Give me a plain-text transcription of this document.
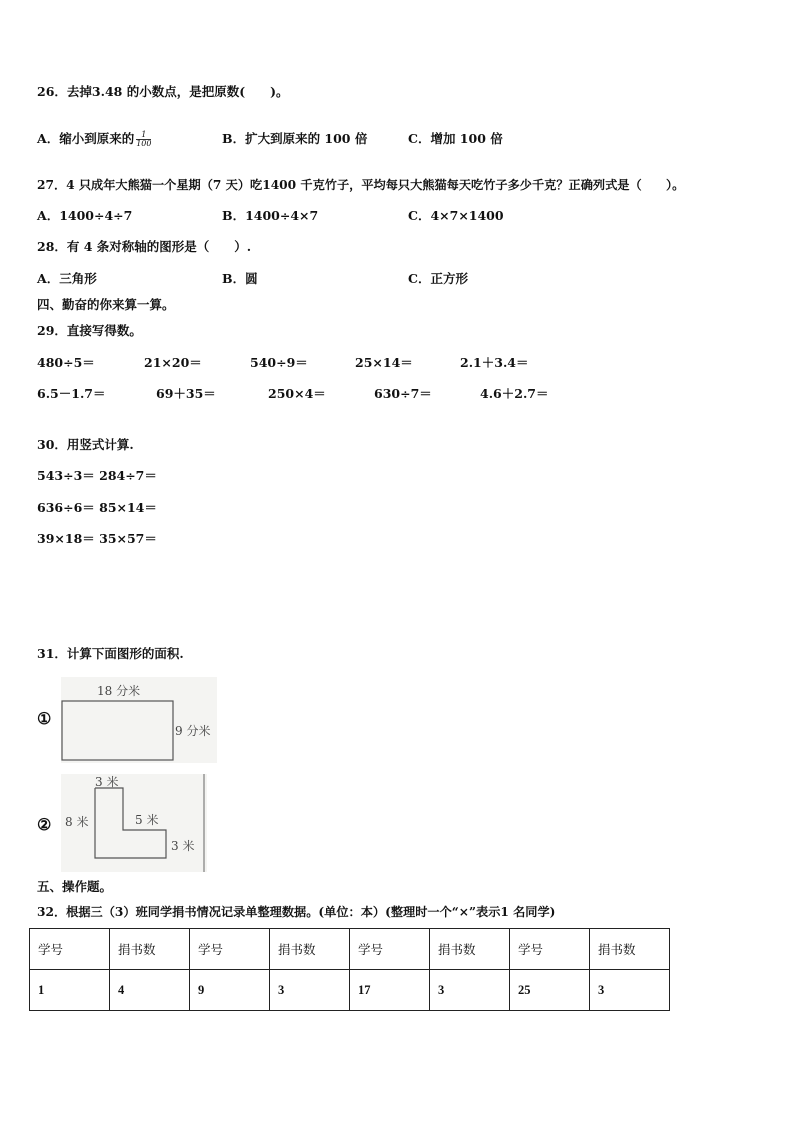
26．去掉3.48 的小数点，是把原数(　　)。
A．缩小到原来的 $\frac{1}{100}$	B．扩大到原来的 100 倍	C．增加 100 倍
27．4 只成年大熊猫一个星期（7 天）吃1400 千克竹子，平均每只大熊猫每天吃竹子多少千克？正确列式是（　　）。
A．1400÷4÷7	B．1400÷4×7	C．4×7×1400
28．有 4 条对称轴的图形是（　　）.
A．三角形	B．圆	C．正方形
四、勤奋的你来算一算。
29．直接写得数。
480÷5＝	21×20＝	540÷9＝	25×14＝	2.1＋3.4＝
6.5－1.7＝	69＋35＝	250×4＝	630÷7＝	4.6＋2.7＝
30．用竖式计算.
543÷3＝ 284÷7＝
636÷6＝ 85×14＝
39×18＝ 35×57＝
31．计算下面图形的面积.
①
18 分米
9 分米
②
3 米
8 米	5 米
3 米
五、操作题。
32．根据三（3）班同学捐书情况记录单整理数据。(单位：本）(整理时一个“×”表示1 名同学)
学号	捐书数	学号	捐书数	学号	捐书数	学号	捐书数
1	4	9	3	17	3	25	3
